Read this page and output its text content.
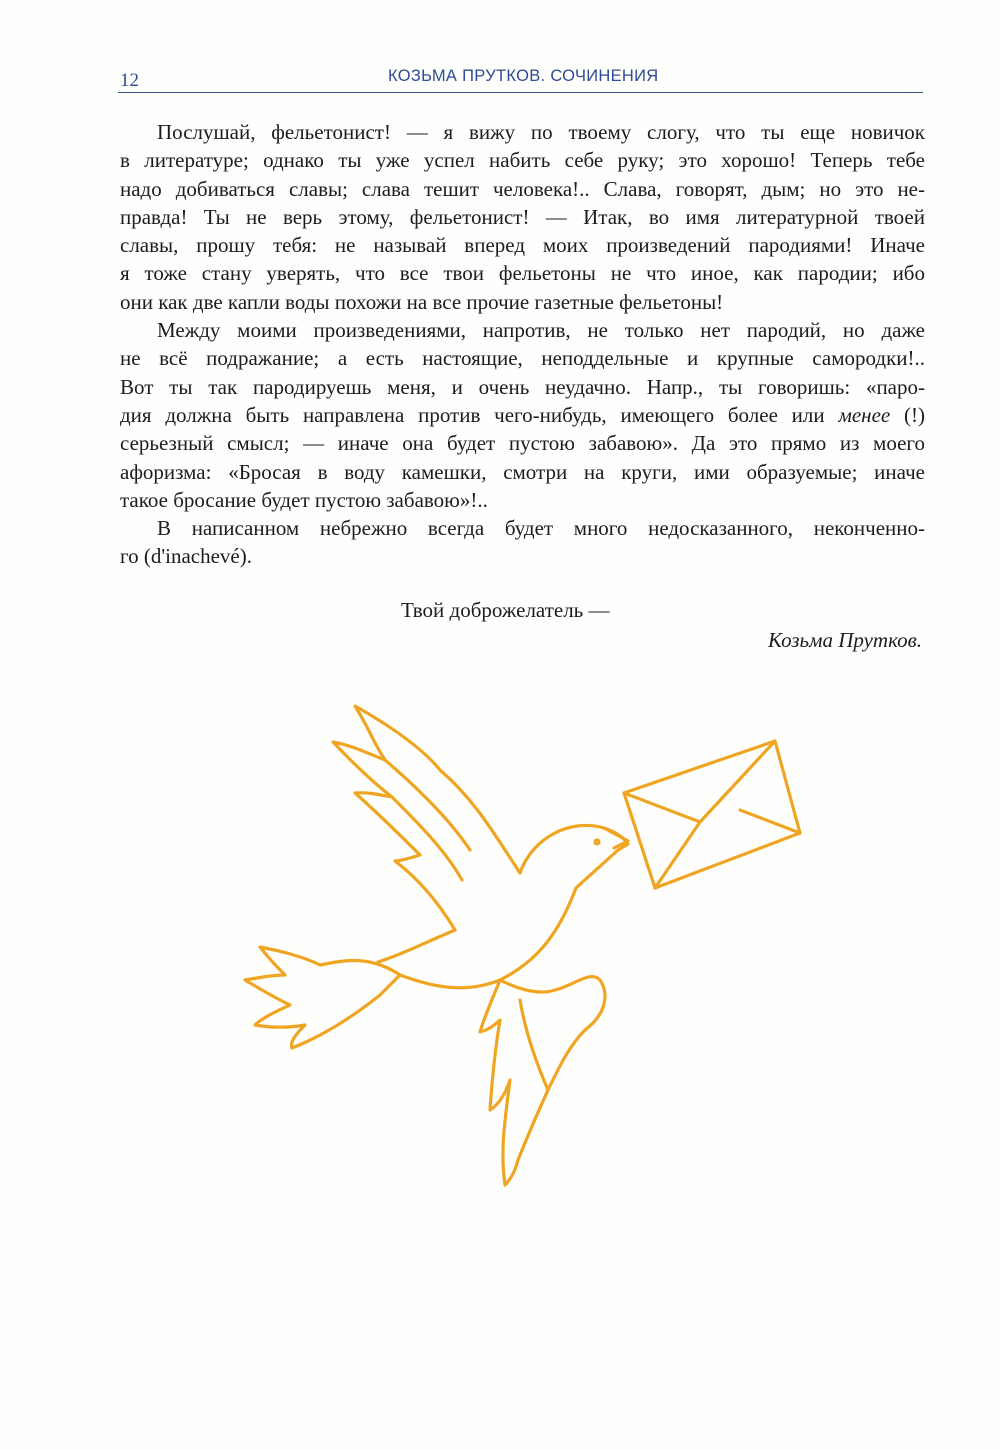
12	КОЗЬМА ПРУТКОВ. СОЧИНЕНИЯ
Послушай, фельетонист! — я вижу по твоему слогу, что ты еще новичок
в литературе; однако ты уже успел набить себе руку; это хорошо! Теперь тебе
надо добиваться славы; слава тешит человека!.. Слава, говорят, дым; но это не-
правда! Ты не верь этому, фельетонист! — Итак, во имя литературной твоей
славы, прошу тебя: не называй вперед моих произведений пародиями! Иначе
я тоже стану уверять, что все твои фельетоны не что иное, как пародии; ибо
они как две капли воды похожи на все прочие газетные фельетоны!
Между моими произведениями, напротив, не только нет пародий, но даже
не всё подражание; а есть настоящие, неподдельные и крупные самородки!..
Вот ты так пародируешь меня, и очень неудачно. Напр., ты говоришь: «паро-
дия должна быть направлена против чего-нибудь, имеющего более или менее (!)
серьезный смысл; — иначе она будет пустою забавою». Да это прямо из моего
афоризма: «Бросая в воду камешки, смотри на круги, ими образуемые; иначе
такое бросание будет пустою забавою»!..
В написанном небрежно всегда будет много недосказанного, неконченно-
го (d'inachevé).
Твой доброжелатель —
Козьма Прутков.
